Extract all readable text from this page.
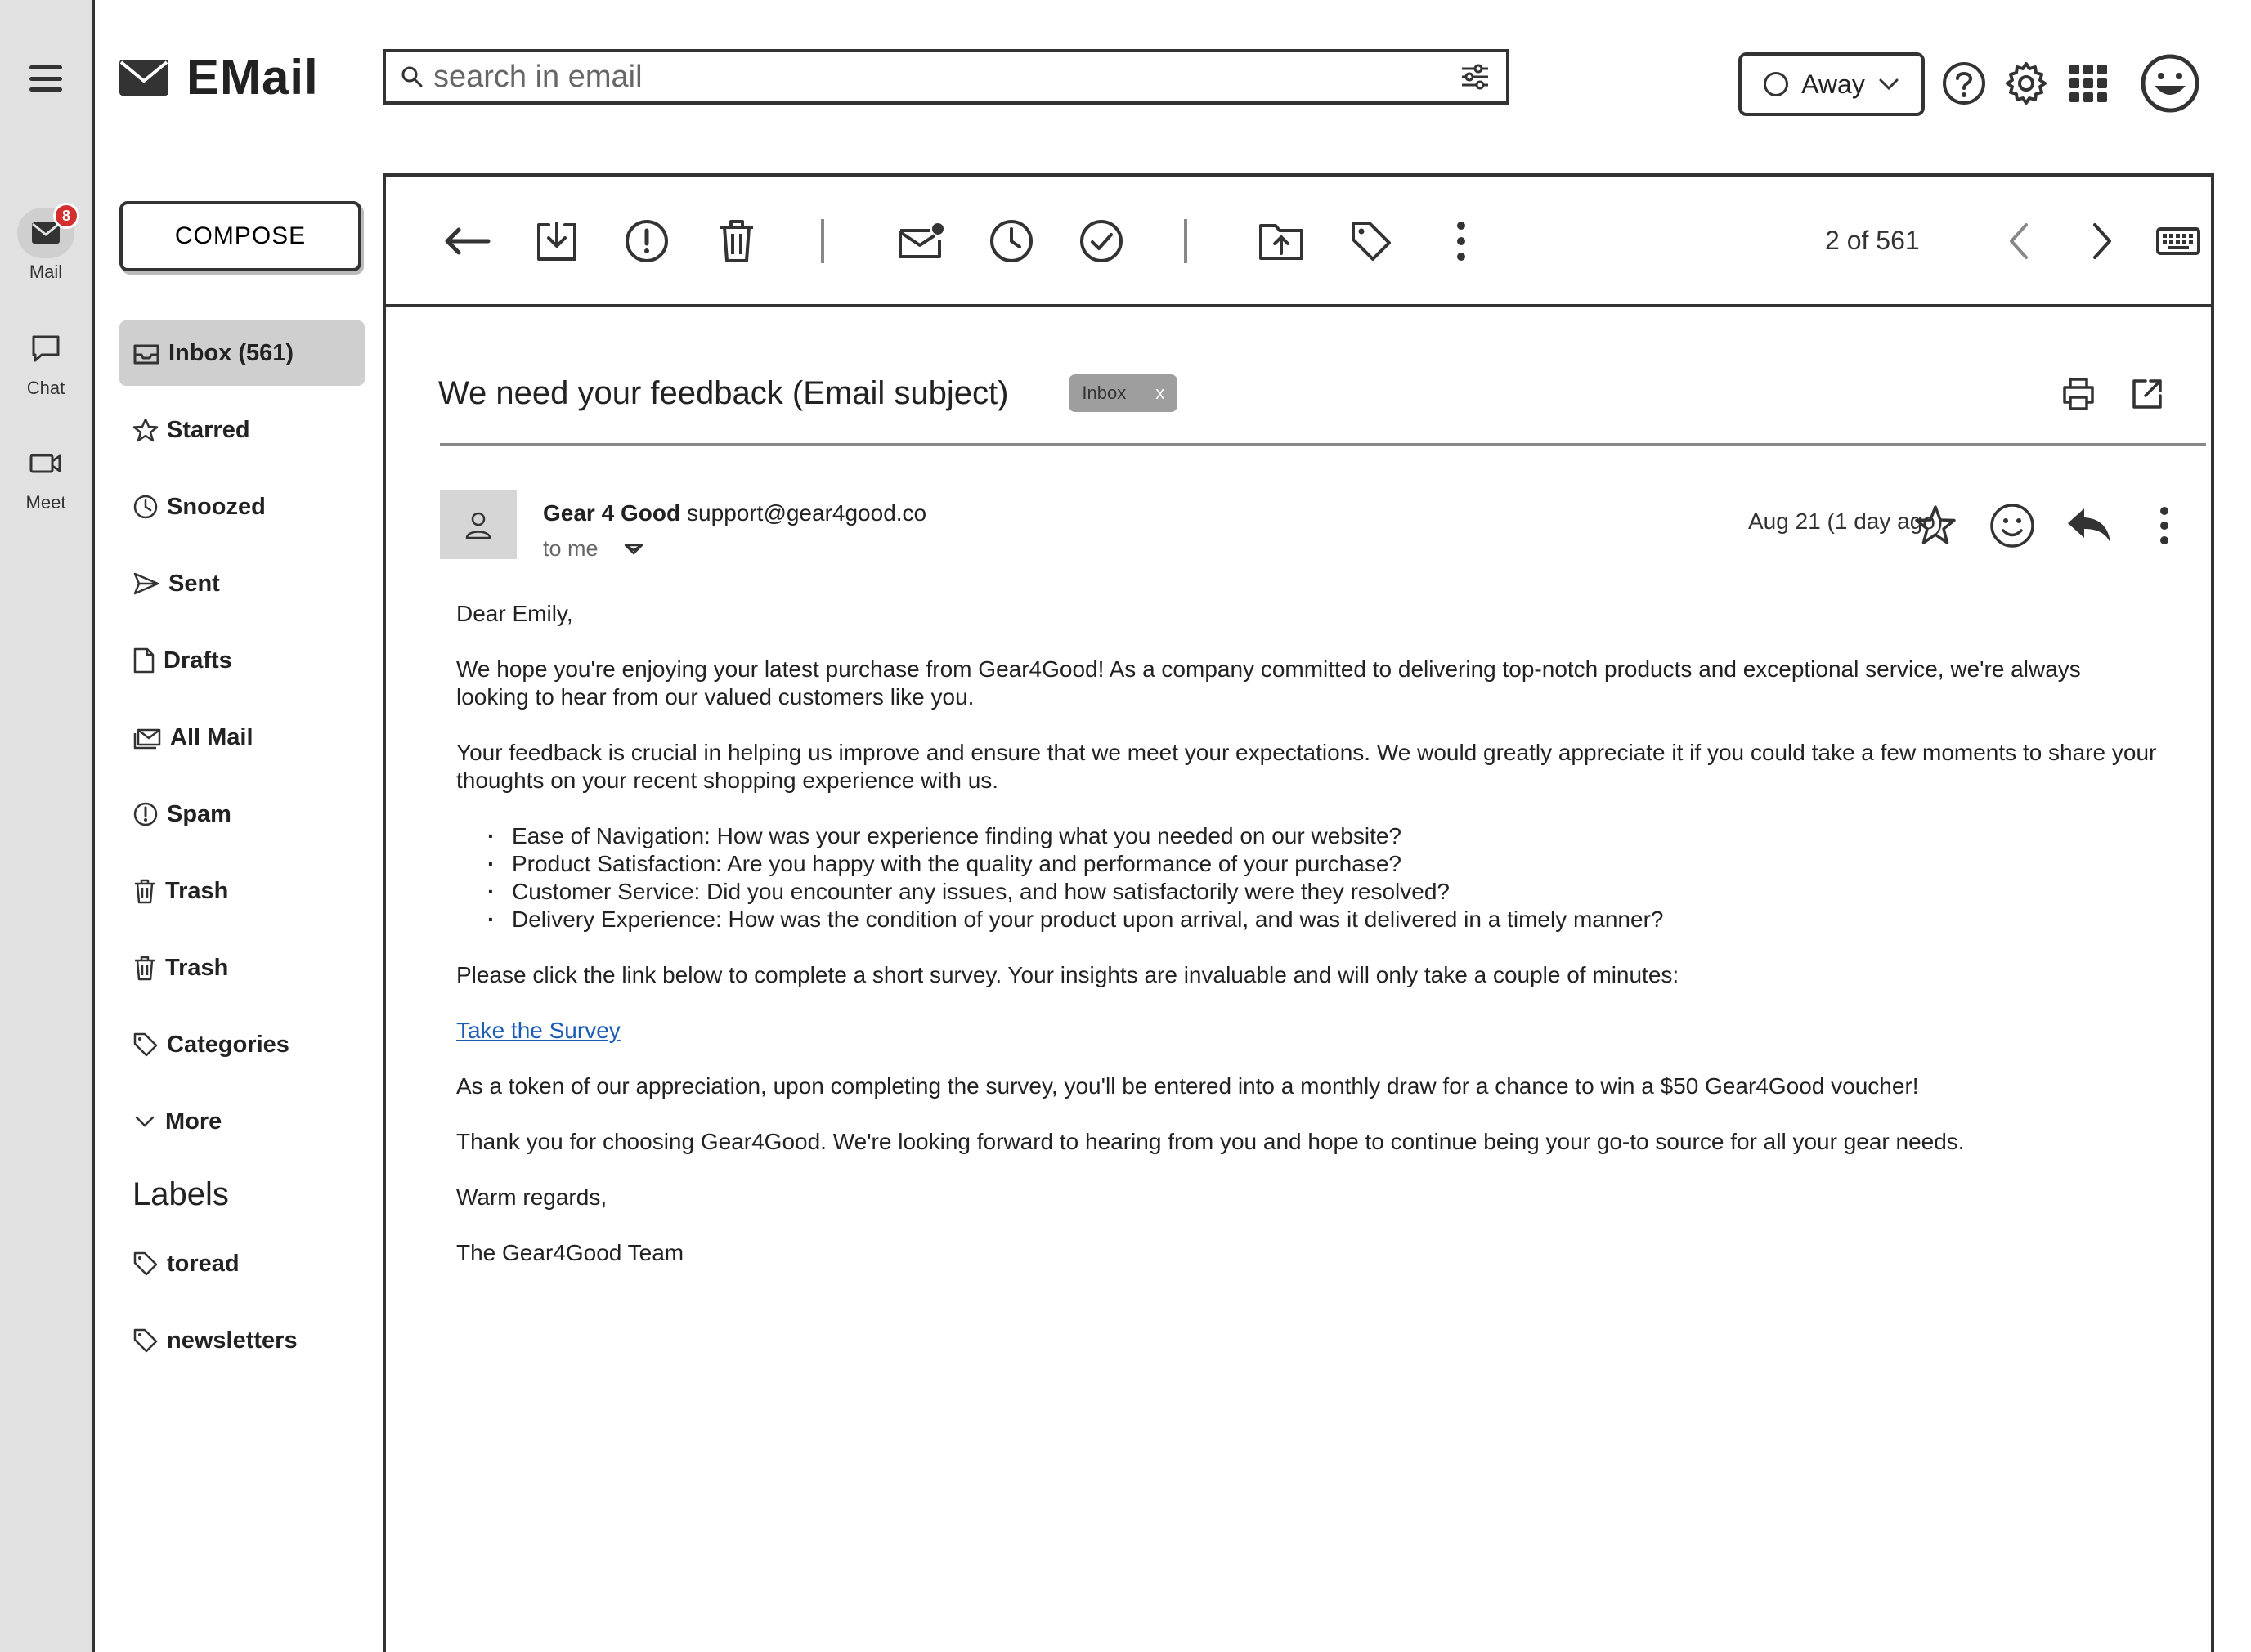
8
Mail
Chat
Meet
EMail
search in email	Away
COMPOSE
Inbox (561)
Starred
Snoozed
Sent
Drafts
All Mail
Spam
Trash
Trash
Categories
More
Labels
toread
newsletters
2 of 561
We need your feedback (Email subject)	Inbox x
Gear 4 Good support@gear4good.co
to me
Aug 21 (1 day ago)

Dear Emily,

We hope you're enjoying your latest purchase from Gear4Good! As a company committed to delivering top-notch products and exceptional service, we're always looking to hear from our valued customers like you.

Your feedback is crucial in helping us improve and ensure that we meet your expectations. We would greatly appreciate it if you could take a few moments to share your thoughts on your recent shopping experience with us.

· Ease of Navigation: How was your experience finding what you needed on our website?
· Product Satisfaction: Are you happy with the quality and performance of your purchase?
· Customer Service: Did you encounter any issues, and how satisfactorily were they resolved?
· Delivery Experience: How was the condition of your product upon arrival, and was it delivered in a timely manner?

Please click the link below to complete a short survey. Your insights are invaluable and will only take a couple of minutes:

Take the Survey

As a token of our appreciation, upon completing the survey, you'll be entered into a monthly draw for a chance to win a $50 Gear4Good voucher!

Thank you for choosing Gear4Good. We're looking forward to hearing from you and hope to continue being your go-to source for all your gear needs.

Warm regards,

The Gear4Good Team
